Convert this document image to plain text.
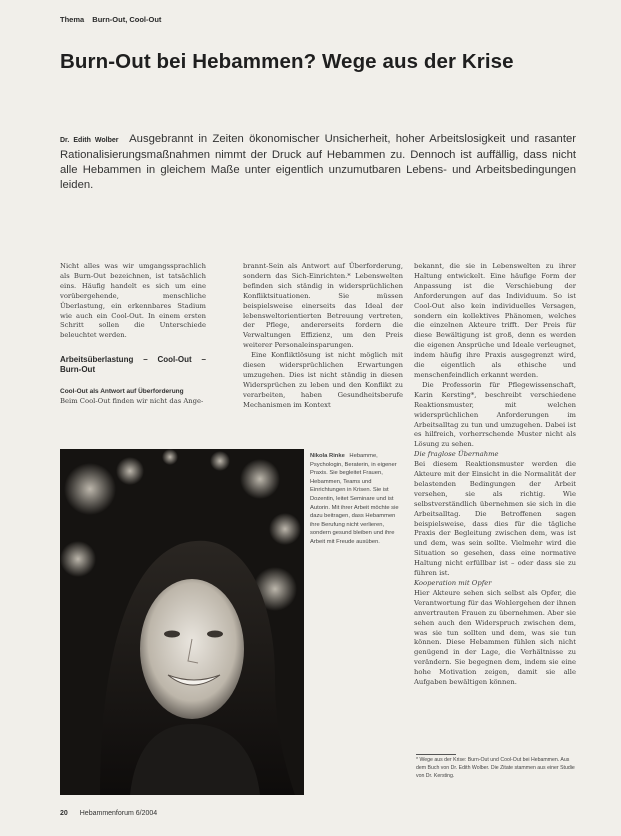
Thema Burn-Out, Cool-Out
Burn-Out bei Hebammen? Wege aus der Krise
Dr. Edith Wolber Ausgebrannt in Zeiten ökonomischer Unsicherheit, hoher Arbeitslosigkeit und rasanter Rationalisierungsmaßnahmen nimmt der Druck auf Hebammen zu. Dennoch ist auffällig, dass nicht alle Hebammen in gleichem Maße unter eigentlich unzumutbaren Lebens- und Arbeitsbedingungen leiden.

Nicht alles was wir umgangssprachlich als Burn-Out bezeichnen, ist tatsächlich eins. Häufig handelt es sich um eine vorübergehende, menschliche Überlastung, ein erkennbares Stadium wie auch ein Cool-Out. In einem ersten Schritt sollen die Unterschiede beleuchtet werden.

Arbeitsüberlastung – Cool-Out – Burn-Out

Cool-Out als Antwort auf Überforderung

Beim Cool-Out finden wir nicht das Ange-

brannt-Sein als Antwort auf Überforderung, sondern das Sich-Einrichten.* Lebenswelten befinden sich ständig in widersprüchlichen Konfliktsituationen. Sie müssen beispielsweise einerseits das Ideal der lebensweltorientierten Betreuung vertreten, der Pflege, andererseits fordern die Verwaltungen Effizienz, um den Preis weiterer Personaleinsparungen.

Eine Konfliktlösung ist nicht möglich mit diesen widersprüchlichen Erwartungen umzugehen. Dies ist nicht ständig in diesen Widersprüchen zu leben und den Konflikt zu verarbeiten, haben Gesundheitsberufe Mechanismen im Kontext

bekannt, die sie in Lebenswelten zu ihrer Haltung entwickelt. Eine häufige Form der Anpassung ist die Verschiebung der Anforderungen auf das Individuum. So ist Cool-Out also kein individuelles Versagen, sondern ein kollektives Phänomen, welches die einzelnen Akteure trifft. Der Preis für diese Bewältigung ist groß, denn es werden die eigenen Ansprüche und Ideale verleugnet, indem häufig ihre Praxis ausgegrenzt wird, die eigentlich als ethische und menschenfeindlich erkannt werden.

Die Professorin für Pflegewissenschaft, Karin Kersting*, beschreibt verschiedene Reaktionsmuster, mit welchen widersprüchlichen Anforderungen im Arbeitsalltag zu tun und umzugehen. Dabei ist es hilfreich, vorherrschende Muster nicht als Lösung zu sehen.

Die fraglose Übernahme

Bei diesem Reaktionsmuster werden die Akteure mit der Einsicht in die Normalität der belastenden Bedingungen der Arbeit versehen, sie als richtig. Wie selbstverständlich übernehmen sie sich in die Arbeitsalltag. Die Betroffenen sagen beispielsweise, dass dies für die tägliche Praxis der Begleitung zwischen dem, was ist und dem, was sein sollte. Vielmehr wird die Situation so gesehen, dass eine normative Haltung nicht erfüllbar ist – oder dass sie zu führen ist.

Kooperation mit Opfer

Hier Akteure sehen sich selbst als Opfer, die Verantwortung für das Wohlergehen der ihnen anvertrauten Frauen zu übernehmen. Aber sie sehen auch den Widerspruch zwischen dem, was sie tun sollten und dem, was sie tun können. Diese Hebammen fühlen sich nicht genügend in der Lage, die Verhältnisse zu verändern. Sie begegnen dem, indem sie eine hohe Motivation zeigen, damit sie alle Aufgaben bewältigen können.

Nikola Rinke Hebamme, Psychologin, Beraterin, in eigener Praxis. Sie begleitet Frauen, Hebammen, Teams und Einrichtungen in Krisen. Sie ist Dozentin, leitet Seminare und ist Autorin. Mit ihrer Arbeit möchte sie dazu beitragen, dass Hebammen ihre Berufung nicht verlieren, sondern gesund bleiben und ihre Arbeit mit Freude ausüben.
* Wege aus der Krise: Burn-Out und Cool-Out bei Hebammen. Aus dem Buch von Dr. Edith Wolber. Die Zitate stammen aus einer Studie von Dr. Kersting.
20 Hebammenforum 6/2004
